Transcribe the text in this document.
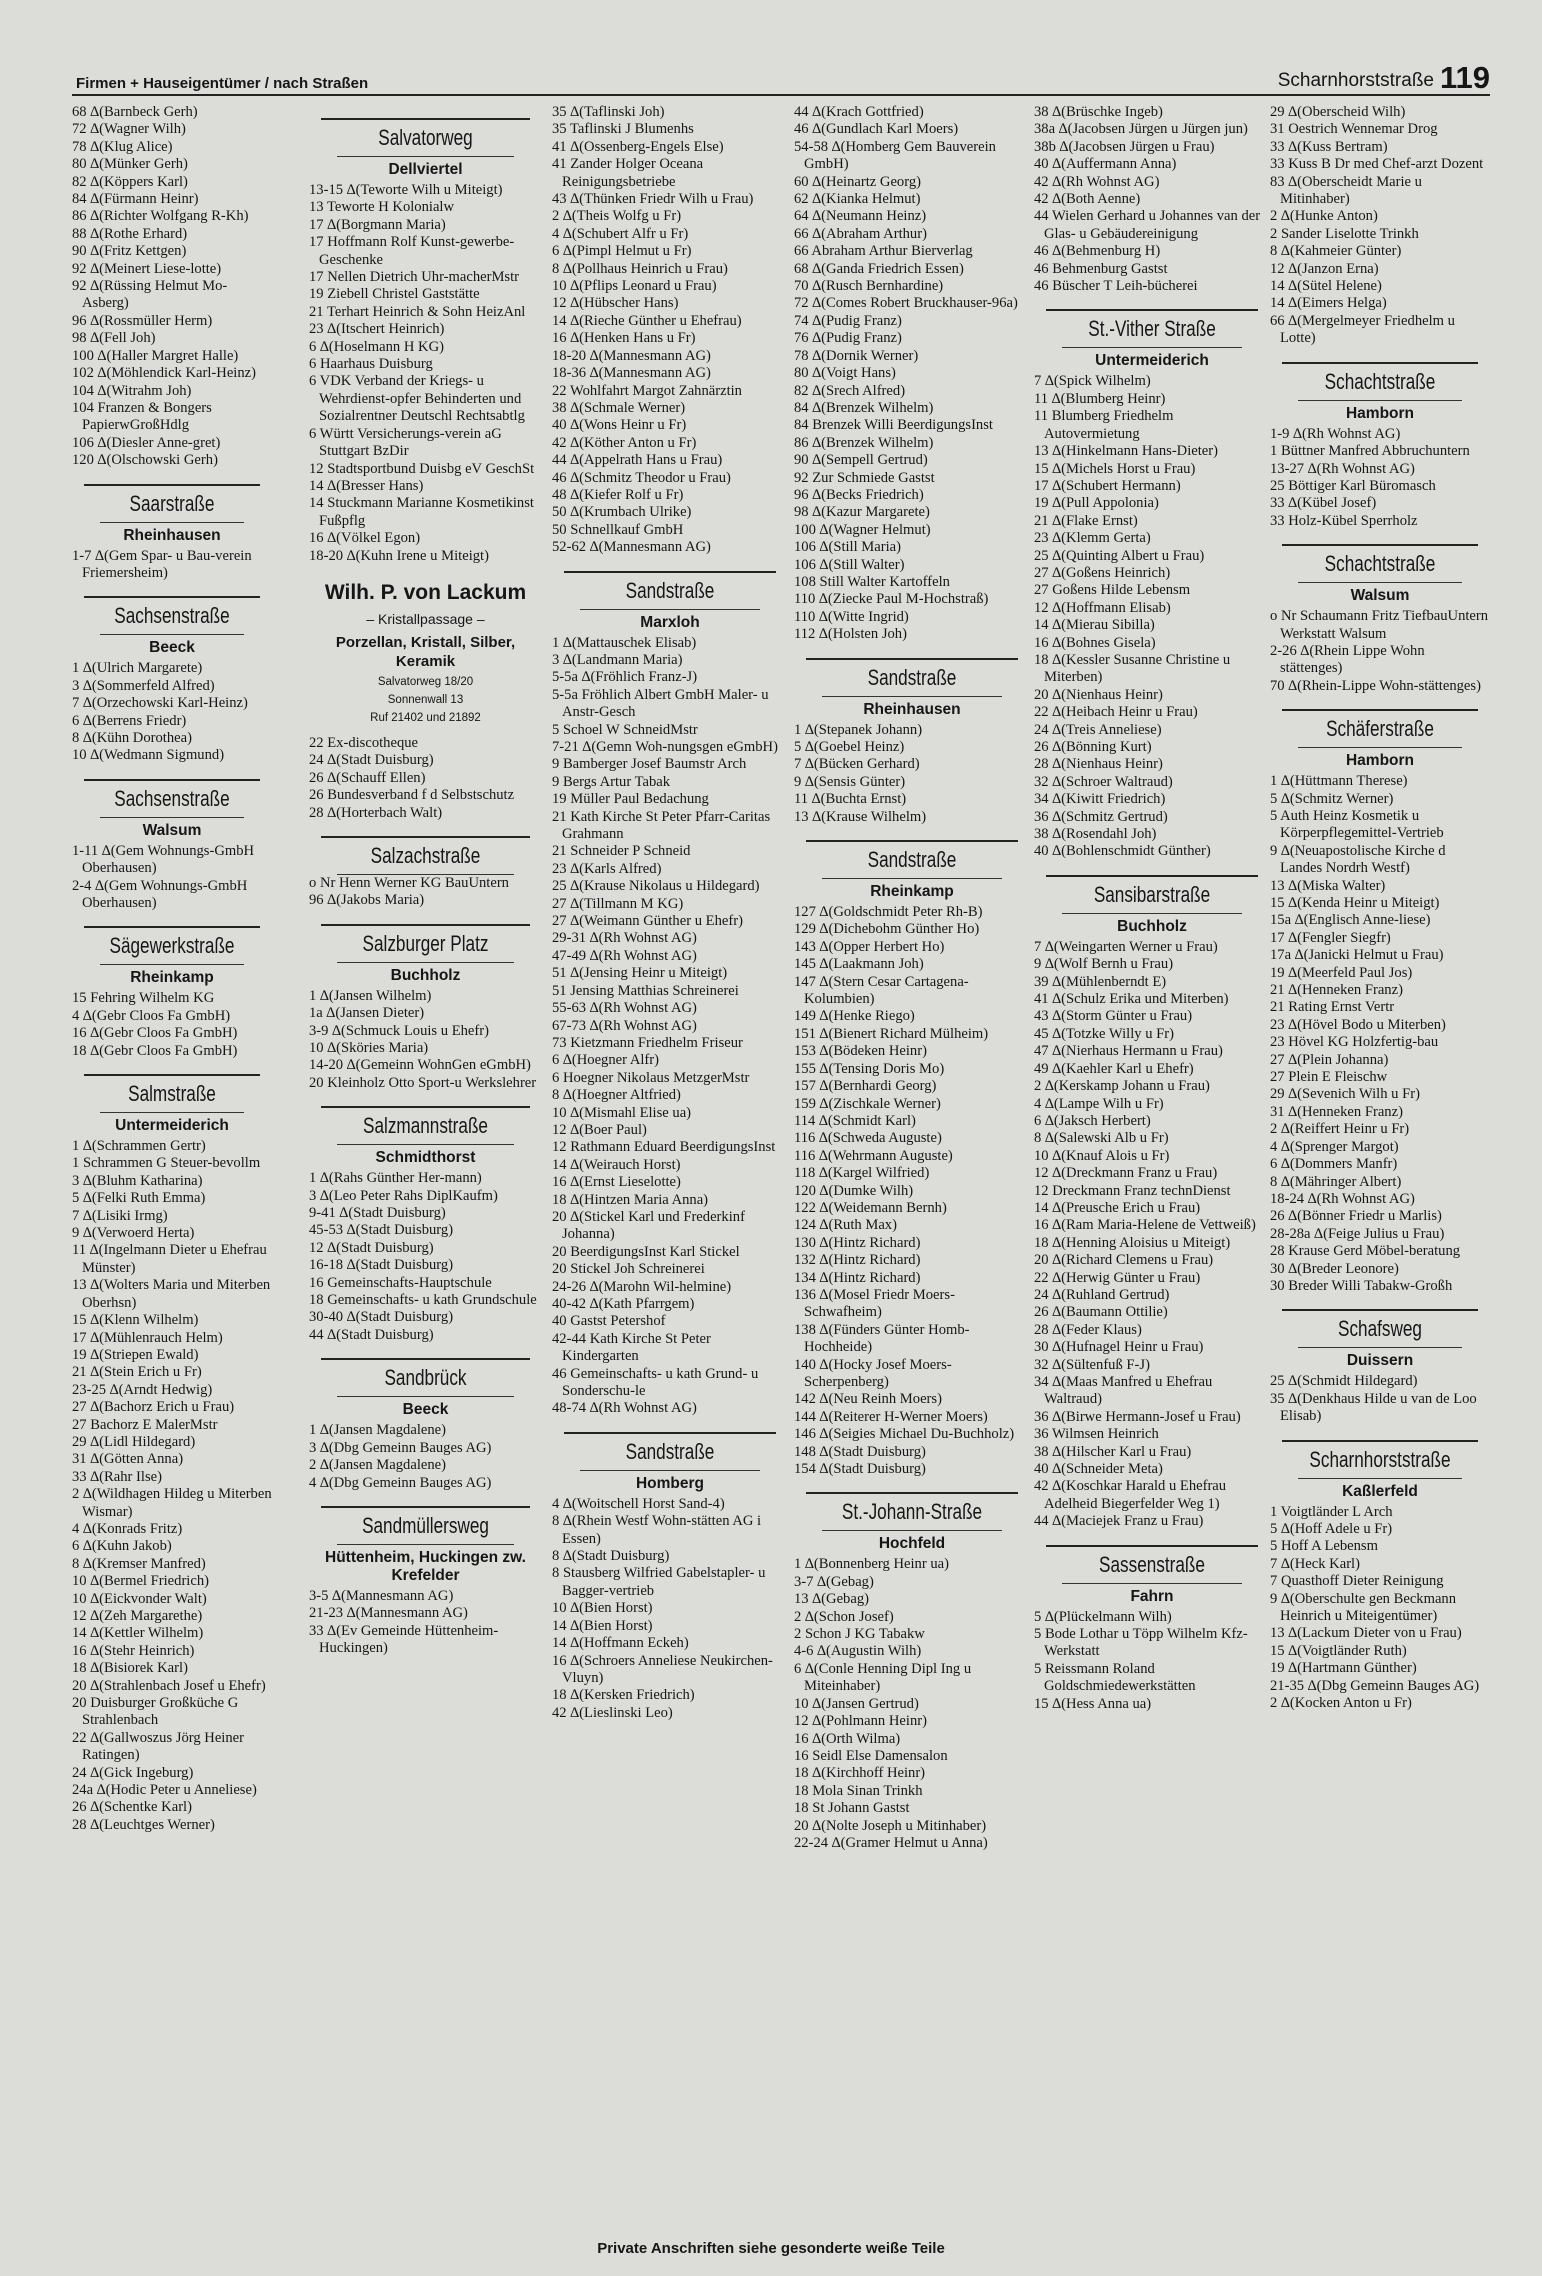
Firmen + Hauseigentümer / nach Straßen	Scharnhorststraße 119
68 ∆(Barnbeck Gerh)
72 ∆(Wagner Wilh)
78 ∆(Klug Alice)
80 ∆(Münker Gerh)
82 ∆(Köppers Karl)
84 ∆(Fürmann Heinr)
86 ∆(Richter Wolfgang R-Kh)
88 ∆(Rothe Erhard)
90 ∆(Fritz Kettgen)
92 ∆(Meinert Liese-lotte)
92 ∆(Rüssing Helmut Mo-Asberg)
96 ∆(Rossmüller Herm)
98 ∆(Fell Joh)
100 ∆(Haller Margret Halle)
102 ∆(Möhlendick Karl-Heinz)
104 ∆(Witrahm Joh)
104 Franzen & Bongers PapierwGroßHdlg
106 ∆(Diesler Anne-gret)
120 ∆(Olschowski Gerh)
Saarstraße
Rheinhausen
1-7 ∆(Gem Spar- u Bau-verein Friemersheim)
Sachsenstraße
Beeck
1 ∆(Ulrich Margarete)
3 ∆(Sommerfeld Alfred)
7 ∆(Orzechowski Karl-Heinz)
6 ∆(Berrens Friedr)
8 ∆(Kühn Dorothea)
10 ∆(Wedmann Sigmund)
Sachsenstraße
Walsum
1-11 ∆(Gem Wohnungs-GmbH Oberhausen)
2-4 ∆(Gem Wohnungs-GmbH Oberhausen)
Sägewerkstraße
Rheinkamp
15 Fehring Wilhelm KG
4 ∆(Gebr Cloos Fa GmbH)
16 ∆(Gebr Cloos Fa GmbH)
18 ∆(Gebr Cloos Fa GmbH)
Salmstraße
Untermeiderich
1 ∆(Schrammen Gertr)
1 Schrammen G Steuer-bevollm
3 ∆(Bluhm Katharina)
5 ∆(Felki Ruth Emma)
7 ∆(Lisiki Irmg)
9 ∆(Verwoerd Herta)
11 ∆(Ingelmann Dieter u Ehefrau Münster)
13 ∆(Wolters Maria und Miterben Oberhsn)
15 ∆(Klenn Wilhelm)
17 ∆(Mühlenrauch Helm)
19 ∆(Striepen Ewald)
21 ∆(Stein Erich u Fr)
23-25 ∆(Arndt Hedwig)
27 ∆(Bachorz Erich u Frau)
27 Bachorz E MalerMstr
29 ∆(Lidl Hildegard)
31 ∆(Götten Anna)
33 ∆(Rahr Ilse)
2 ∆(Wildhagen Hildeg u Miterben Wismar)
4 ∆(Konrads Fritz)
6 ∆(Kuhn Jakob)
8 ∆(Kremser Manfred)
10 ∆(Bermel Friedrich)
10 ∆(Eickvonder Walt)
12 ∆(Zeh Margarethe)
14 ∆(Kettler Wilhelm)
16 ∆(Stehr Heinrich)
18 ∆(Bisiorek Karl)
20 ∆(Strahlenbach Josef u Ehefr)
20 Duisburger Großküche G Strahlenbach
22 ∆(Gallwoszus Jörg Heiner Ratingen)
24 ∆(Gick Ingeburg)
24a ∆(Hodic Peter u Anneliese)
26 ∆(Schentke Karl)
28 ∆(Leuchtges Werner)
Salvatorweg
Dellviertel
13-15 ∆(Teworte Wilh u Miteigt)
13 Teworte H Kolonialw
17 ∆(Borgmann Maria)
17 Hoffmann Rolf Kunst-gewerbe-Geschenke
17 Nellen Dietrich Uhr-macherMstr
19 Ziebell Christel Gaststätte
21 Terhart Heinrich & Sohn HeizAnl
23 ∆(Itschert Heinrich)
6 ∆(Hoselmann H KG)
6 Haarhaus Duisburg
6 VDK Verband der Kriegs- u Wehrdienst-opfer Behinderten und Sozialrentner Deutschl Rechtsabtlg
6 Württ Versicherungs-verein aG Stuttgart BzDir
12 Stadtsportbund Duisbg eV GeschSt
14 ∆(Bresser Hans)
14 Stuckmann Marianne Kosmetikinst Fußpflg
16 ∆(Völkel Egon)
18-20 ∆(Kuhn Irene u Miteigt)
Wilh. P. von Lackum
– Kristallpassage –
Porzellan, Kristall, Silber, Keramik
Salvatorweg 18/20
Sonnenwall 13
Ruf 21402 und 21892
22 Ex-discotheque
24 ∆(Stadt Duisburg)
26 ∆(Schauff Ellen)
26 Bundesverband f d Selbstschutz
28 ∆(Horterbach Walt)
Salzachstraße
o Nr Henn Werner KG BauUntern
96 ∆(Jakobs Maria)
Salzburger Platz
Buchholz
1 ∆(Jansen Wilhelm)
1a ∆(Jansen Dieter)
3-9 ∆(Schmuck Louis u Ehefr)
10 ∆(Sköries Maria)
14-20 ∆(Gemeinn WohnGen eGmbH)
20 Kleinholz Otto Sport-u Werkslehrer
Salzmannstraße
Schmidthorst
1 ∆(Rahs Günther Her-mann)
3 ∆(Leo Peter Rahs DiplKaufm)
9-41 ∆(Stadt Duisburg)
45-53 ∆(Stadt Duisburg)
12 ∆(Stadt Duisburg)
16-18 ∆(Stadt Duisburg)
16 Gemeinschafts-Hauptschule
18 Gemeinschafts- u kath Grundschule
30-40 ∆(Stadt Duisburg)
44 ∆(Stadt Duisburg)
Sandbrück
Beeck
1 ∆(Jansen Magdalene)
3 ∆(Dbg Gemeinn Bauges AG)
2 ∆(Jansen Magdalene)
4 ∆(Dbg Gemeinn Bauges AG)
Sandmüllersweg
Hüttenheim, Huckingen zw. Krefelder
3-5 ∆(Mannesmann AG)
21-23 ∆(Mannesmann AG)
33 ∆(Ev Gemeinde Hüttenheim-Huckingen)
35 ∆(Taflinski Joh)
35 Taflinski J Blumenhs
41 ∆(Ossenberg-Engels Else)
41 Zander Holger Oceana Reinigungsbetriebe
43 ∆(Thünken Friedr Wilh u Frau)
2 ∆(Theis Wolfg u Fr)
4 ∆(Schubert Alfr u Fr)
6 ∆(Pimpl Helmut u Fr)
8 ∆(Pollhaus Heinrich u Frau)
10 ∆(Pflips Leonard u Frau)
12 ∆(Hübscher Hans)
14 ∆(Rieche Günther u Ehefrau)
16 ∆(Henken Hans u Fr)
18-20 ∆(Mannesmann AG)
18-36 ∆(Mannesmann AG)
22 Wohlfahrt Margot Zahnärztin
38 ∆(Schmale Werner)
40 ∆(Wons Heinr u Fr)
42 ∆(Köther Anton u Fr)
44 ∆(Appelrath Hans u Frau)
46 ∆(Schmitz Theodor u Frau)
48 ∆(Kiefer Rolf u Fr)
50 ∆(Krumbach Ulrike)
50 Schnellkauf GmbH
52-62 ∆(Mannesmann AG)
Sandstraße
Marxloh
1 ∆(Mattauschek Elisab)
3 ∆(Landmann Maria)
5-5a ∆(Fröhlich Franz-J)
5-5a Fröhlich Albert GmbH Maler- u Anstr-Gesch
5 Schoel W SchneidMstr
7-21 ∆(Gemn Woh-nungsgen eGmbH)
9 Bamberger Josef Baumstr Arch
9 Bergs Artur Tabak
19 Müller Paul Bedachung
21 Kath Kirche St Peter Pfarr-Caritas Grahmann
21 Schneider P Schneid
23 ∆(Karls Alfred)
25 ∆(Krause Nikolaus u Hildegard)
27 ∆(Tillmann M KG)
27 ∆(Weimann Günther u Ehefr)
29-31 ∆(Rh Wohnst AG)
47-49 ∆(Rh Wohnst AG)
51 ∆(Jensing Heinr u Miteigt)
51 Jensing Matthias Schreinerei
55-63 ∆(Rh Wohnst AG)
67-73 ∆(Rh Wohnst AG)
73 Kietzmann Friedhelm Friseur
6 ∆(Hoegner Alfr)
6 Hoegner Nikolaus MetzgerMstr
8 ∆(Hoegner Altfried)
10 ∆(Mismahl Elise ua)
12 ∆(Boer Paul)
12 Rathmann Eduard BeerdigungsInst
14 ∆(Weirauch Horst)
16 ∆(Ernst Lieselotte)
18 ∆(Hintzen Maria Anna)
20 ∆(Stickel Karl und Frederkinf Johanna)
20 BeerdigungsInst Karl Stickel
20 Stickel Joh Schreinerei
24-26 ∆(Marohn Wil-helmine)
40-42 ∆(Kath Pfarrgem)
40 Gastst Petershof
42-44 Kath Kirche St Peter Kindergarten
46 Gemeinschafts- u kath Grund- u Sonderschu-le
48-74 ∆(Rh Wohnst AG)
Sandstraße
Homberg
4 ∆(Woitschell Horst Sand-4)
8 ∆(Rhein Westf Wohn-stätten AG i Essen)
8 ∆(Stadt Duisburg)
8 Stausberg Wilfried Gabelstapler- u Bagger-vertrieb
10 ∆(Bien Horst)
14 ∆(Bien Horst)
14 ∆(Hoffmann Eckeh)
16 ∆(Schroers Anneliese Neukirchen-Vluyn)
18 ∆(Kersken Friedrich)
42 ∆(Lieslinski Leo)
44 ∆(Krach Gottfried)
46 ∆(Gundlach Karl Moers)
54-58 ∆(Homberg Gem Bauverein GmbH)
60 ∆(Heinartz Georg)
62 ∆(Kianka Helmut)
64 ∆(Neumann Heinz)
66 ∆(Abraham Arthur)
66 Abraham Arthur Bierverlag
68 ∆(Ganda Friedrich Essen)
70 ∆(Rusch Bernhardine)
72 ∆(Comes Robert Bruckhauser-96a)
74 ∆(Pudig Franz)
76 ∆(Pudig Franz)
78 ∆(Dornik Werner)
80 ∆(Voigt Hans)
82 ∆(Srech Alfred)
84 ∆(Brenzek Wilhelm)
84 Brenzek Willi BeerdigungsInst
86 ∆(Brenzek Wilhelm)
90 ∆(Sempell Gertrud)
92 Zur Schmiede Gastst
96 ∆(Becks Friedrich)
98 ∆(Kazur Margarete)
100 ∆(Wagner Helmut)
106 ∆(Still Maria)
106 ∆(Still Walter)
108 Still Walter Kartoffeln
110 ∆(Ziecke Paul M-Hochstraß)
110 ∆(Witte Ingrid)
112 ∆(Holsten Joh)
Sandstraße
Rheinhausen
1 ∆(Stepanek Johann)
5 ∆(Goebel Heinz)
7 ∆(Bücken Gerhard)
9 ∆(Sensis Günter)
11 ∆(Buchta Ernst)
13 ∆(Krause Wilhelm)
Sandstraße
Rheinkamp
127 ∆(Goldschmidt Peter Rh-B)
129 ∆(Dichebohm Günther Ho)
143 ∆(Opper Herbert Ho)
145 ∆(Laakmann Joh)
147 ∆(Stern Cesar Cartagena-Kolumbien)
149 ∆(Henke Riego)
151 ∆(Bienert Richard Mülheim)
153 ∆(Bödeken Heinr)
155 ∆(Tensing Doris Mo)
157 ∆(Bernhardi Georg)
159 ∆(Zischkale Werner)
114 ∆(Schmidt Karl)
116 ∆(Schweda Auguste)
116 ∆(Wehrmann Auguste)
118 ∆(Kargel Wilfried)
120 ∆(Dumke Wilh)
122 ∆(Weidemann Bernh)
124 ∆(Ruth Max)
130 ∆(Hintz Richard)
132 ∆(Hintz Richard)
134 ∆(Hintz Richard)
136 ∆(Mosel Friedr Moers-Schwafheim)
138 ∆(Fünders Günter Homb-Hochheide)
140 ∆(Hocky Josef Moers-Scherpenberg)
142 ∆(Neu Reinh Moers)
144 ∆(Reiterer H-Werner Moers)
146 ∆(Seigies Michael Du-Buchholz)
148 ∆(Stadt Duisburg)
154 ∆(Stadt Duisburg)
St.-Johann-Straße
Hochfeld
1 ∆(Bonnenberg Heinr ua)
3-7 ∆(Gebag)
13 ∆(Gebag)
2 ∆(Schon Josef)
2 Schon J KG Tabakw
4-6 ∆(Augustin Wilh)
6 ∆(Conle Henning Dipl Ing u Miteinhaber)
10 ∆(Jansen Gertrud)
12 ∆(Pohlmann Heinr)
16 ∆(Orth Wilma)
16 Seidl Else Damensalon
18 ∆(Kirchhoff Heinr)
18 Mola Sinan Trinkh
18 St Johann Gastst
20 ∆(Nolte Joseph u Mitinhaber)
22-24 ∆(Gramer Helmut u Anna)
38 ∆(Brüschke Ingeb)
38a ∆(Jacobsen Jürgen u Jürgen jun)
38b ∆(Jacobsen Jürgen u Frau)
40 ∆(Auffermann Anna)
42 ∆(Rh Wohnst AG)
42 ∆(Both Aenne)
44 Wielen Gerhard u Johannes van der Glas- u Gebäudereinigung
46 ∆(Behmenburg H)
46 Behmenburg Gastst
46 Büscher T Leih-bücherei
St.-Vither Straße
Untermeiderich
7 ∆(Spick Wilhelm)
11 ∆(Blumberg Heinr)
11 Blumberg Friedhelm Autovermietung
13 ∆(Hinkelmann Hans-Dieter)
15 ∆(Michels Horst u Frau)
17 ∆(Schubert Hermann)
19 ∆(Pull Appolonia)
21 ∆(Flake Ernst)
23 ∆(Klemm Gerta)
25 ∆(Quinting Albert u Frau)
27 ∆(Goßens Heinrich)
27 Goßens Hilde Lebensm
12 ∆(Hoffmann Elisab)
14 ∆(Mierau Sibilla)
16 ∆(Bohnes Gisela)
18 ∆(Kessler Susanne Christine u Miterben)
20 ∆(Nienhaus Heinr)
22 ∆(Heibach Heinr u Frau)
24 ∆(Treis Anneliese)
26 ∆(Bönning Kurt)
28 ∆(Nienhaus Heinr)
32 ∆(Schroer Waltraud)
34 ∆(Kiwitt Friedrich)
36 ∆(Schmitz Gertrud)
38 ∆(Rosendahl Joh)
40 ∆(Bohlenschmidt Günther)
Sansibarstraße
Buchholz
7 ∆(Weingarten Werner u Frau)
9 ∆(Wolf Bernh u Frau)
39 ∆(Mühlenberndt E)
41 ∆(Schulz Erika und Miterben)
43 ∆(Storm Günter u Frau)
45 ∆(Totzke Willy u Fr)
47 ∆(Nierhaus Hermann u Frau)
49 ∆(Kaehler Karl u Ehefr)
2 ∆(Kerskamp Johann u Frau)
4 ∆(Lampe Wilh u Fr)
6 ∆(Jaksch Herbert)
8 ∆(Salewski Alb u Fr)
10 ∆(Knauf Alois u Fr)
12 ∆(Dreckmann Franz u Frau)
12 Dreckmann Franz technDienst
14 ∆(Preusche Erich u Frau)
16 ∆(Ram Maria-Helene de Vettweiß)
18 ∆(Henning Aloisius u Miteigt)
20 ∆(Richard Clemens u Frau)
22 ∆(Herwig Günter u Frau)
24 ∆(Ruhland Gertrud)
26 ∆(Baumann Ottilie)
28 ∆(Feder Klaus)
30 ∆(Hufnagel Heinr u Frau)
32 ∆(Sültenfuß F-J)
34 ∆(Maas Manfred u Ehefrau Waltraud)
36 ∆(Birwe Hermann-Josef u Frau)
36 Wilmsen Heinrich
38 ∆(Hilscher Karl u Frau)
40 ∆(Schneider Meta)
42 ∆(Koschkar Harald u Ehefrau Adelheid Biegerfelder Weg 1)
44 ∆(Maciejek Franz u Frau)
Sassenstraße
Fahrn
5 ∆(Plückelmann Wilh)
5 Bode Lothar u Töpp Wilhelm Kfz-Werkstatt
5 Reissmann Roland Goldschmiedewerkstätten
15 ∆(Hess Anna ua)
29 ∆(Oberscheid Wilh)
31 Oestrich Wennemar Drog
33 ∆(Kuss Bertram)
33 Kuss B Dr med Chef-arzt Dozent
83 ∆(Oberscheidt Marie u Mitinhaber)
2 ∆(Hunke Anton)
2 Sander Liselotte Trinkh
8 ∆(Kahmeier Günter)
12 ∆(Janzon Erna)
14 ∆(Sütel Helene)
14 ∆(Eimers Helga)
66 ∆(Mergelmeyer Friedhelm u Lotte)
Schachtstraße
Hamborn
1-9 ∆(Rh Wohnst AG)
1 Büttner Manfred Abbruchuntern
13-27 ∆(Rh Wohnst AG)
25 Böttiger Karl Büromasch
33 ∆(Kübel Josef)
33 Holz-Kübel Sperrholz
Schachtstraße
Walsum
o Nr Schaumann Fritz TiefbauUntern Werkstatt Walsum
2-26 ∆(Rhein Lippe Wohn stättenges)
70 ∆(Rhein-Lippe Wohn-stättenges)
Schäferstraße
Hamborn
1 ∆(Hüttmann Therese)
5 ∆(Schmitz Werner)
5 Auth Heinz Kosmetik u Körperpflegemittel-Vertrieb
9 ∆(Neuapostolische Kirche d Landes Nordrh Westf)
13 ∆(Miska Walter)
15 ∆(Kenda Heinr u Miteigt)
15a ∆(Englisch Anne-liese)
17 ∆(Fengler Siegfr)
17a ∆(Janicki Helmut u Frau)
19 ∆(Meerfeld Paul Jos)
21 ∆(Henneken Franz)
21 Rating Ernst Vertr
23 ∆(Hövel Bodo u Miterben)
23 Hövel KG Holzfertig-bau
27 ∆(Plein Johanna)
27 Plein E Fleischw
29 ∆(Sevenich Wilh u Fr)
31 ∆(Henneken Franz)
2 ∆(Reiffert Heinr u Fr)
4 ∆(Sprenger Margot)
6 ∆(Dommers Manfr)
8 ∆(Mähringer Albert)
18-24 ∆(Rh Wohnst AG)
26 ∆(Bönner Friedr u Marlis)
28-28a ∆(Feige Julius u Frau)
28 Krause Gerd Möbel-beratung
30 ∆(Breder Leonore)
30 Breder Willi Tabakw-Großh
Schafsweg
Duissern
25 ∆(Schmidt Hildegard)
35 ∆(Denkhaus Hilde u van de Loo Elisab)
Scharnhorststraße
Kaßlerfeld
1 Voigtländer L Arch
5 ∆(Hoff Adele u Fr)
5 Hoff A Lebensm
7 ∆(Heck Karl)
7 Quasthoff Dieter Reinigung
9 ∆(Oberschulte gen Beckmann Heinrich u Miteigentümer)
13 ∆(Lackum Dieter von u Frau)
15 ∆(Voigtländer Ruth)
19 ∆(Hartmann Günther)
21-35 ∆(Dbg Gemeinn Bauges AG)
2 ∆(Kocken Anton u Fr)
Private Anschriften siehe gesonderte weiße Teile
